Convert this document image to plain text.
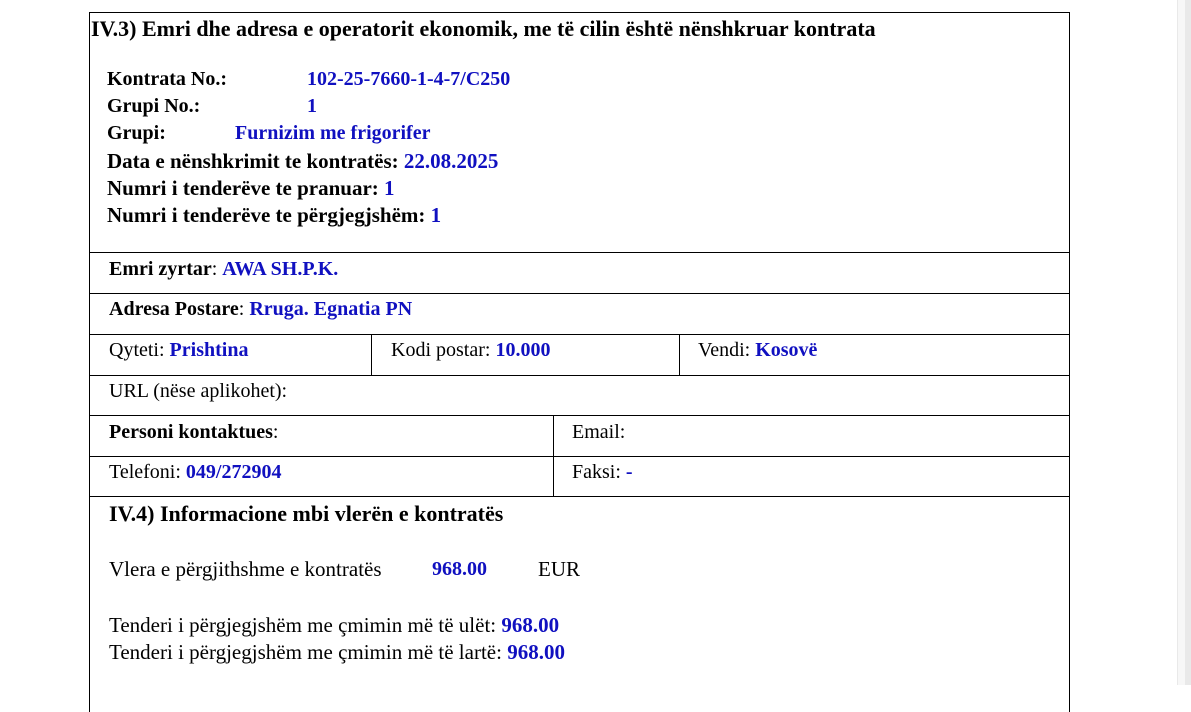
IV.3) Emri dhe adresa e operatorit ekonomik, me të cilin është nënshkruar kontrata
Kontrata No.:	102-25-7660-1-4-7/C250
Grupi No.:	1
Grupi:	Furnizim me frigorifer
Data e nënshkrimit te kontratës: 22.08.2025
Numri i tenderëve te pranuar: 1
Numri i tenderëve te përgjegjshëm: 1
Emri zyrtar: AWA SH.P.K.
Adresa Postare: Rruga. Egnatia PN
Qyteti: Prishtina	Kodi postar: 10.000	Vendi: Kosovë
URL (nëse aplikohet):
Personi kontaktues:	Email:
Telefoni: 049/272904	Faksi: -
IV.4) Informacione mbi vlerën e kontratës
Vlera e përgjithshme e kontratës	968.00 EUR
Tenderi i përgjegjshëm me çmimin më të ulët: 968.00
Tenderi i përgjegjshëm me çmimin më të lartë: 968.00
